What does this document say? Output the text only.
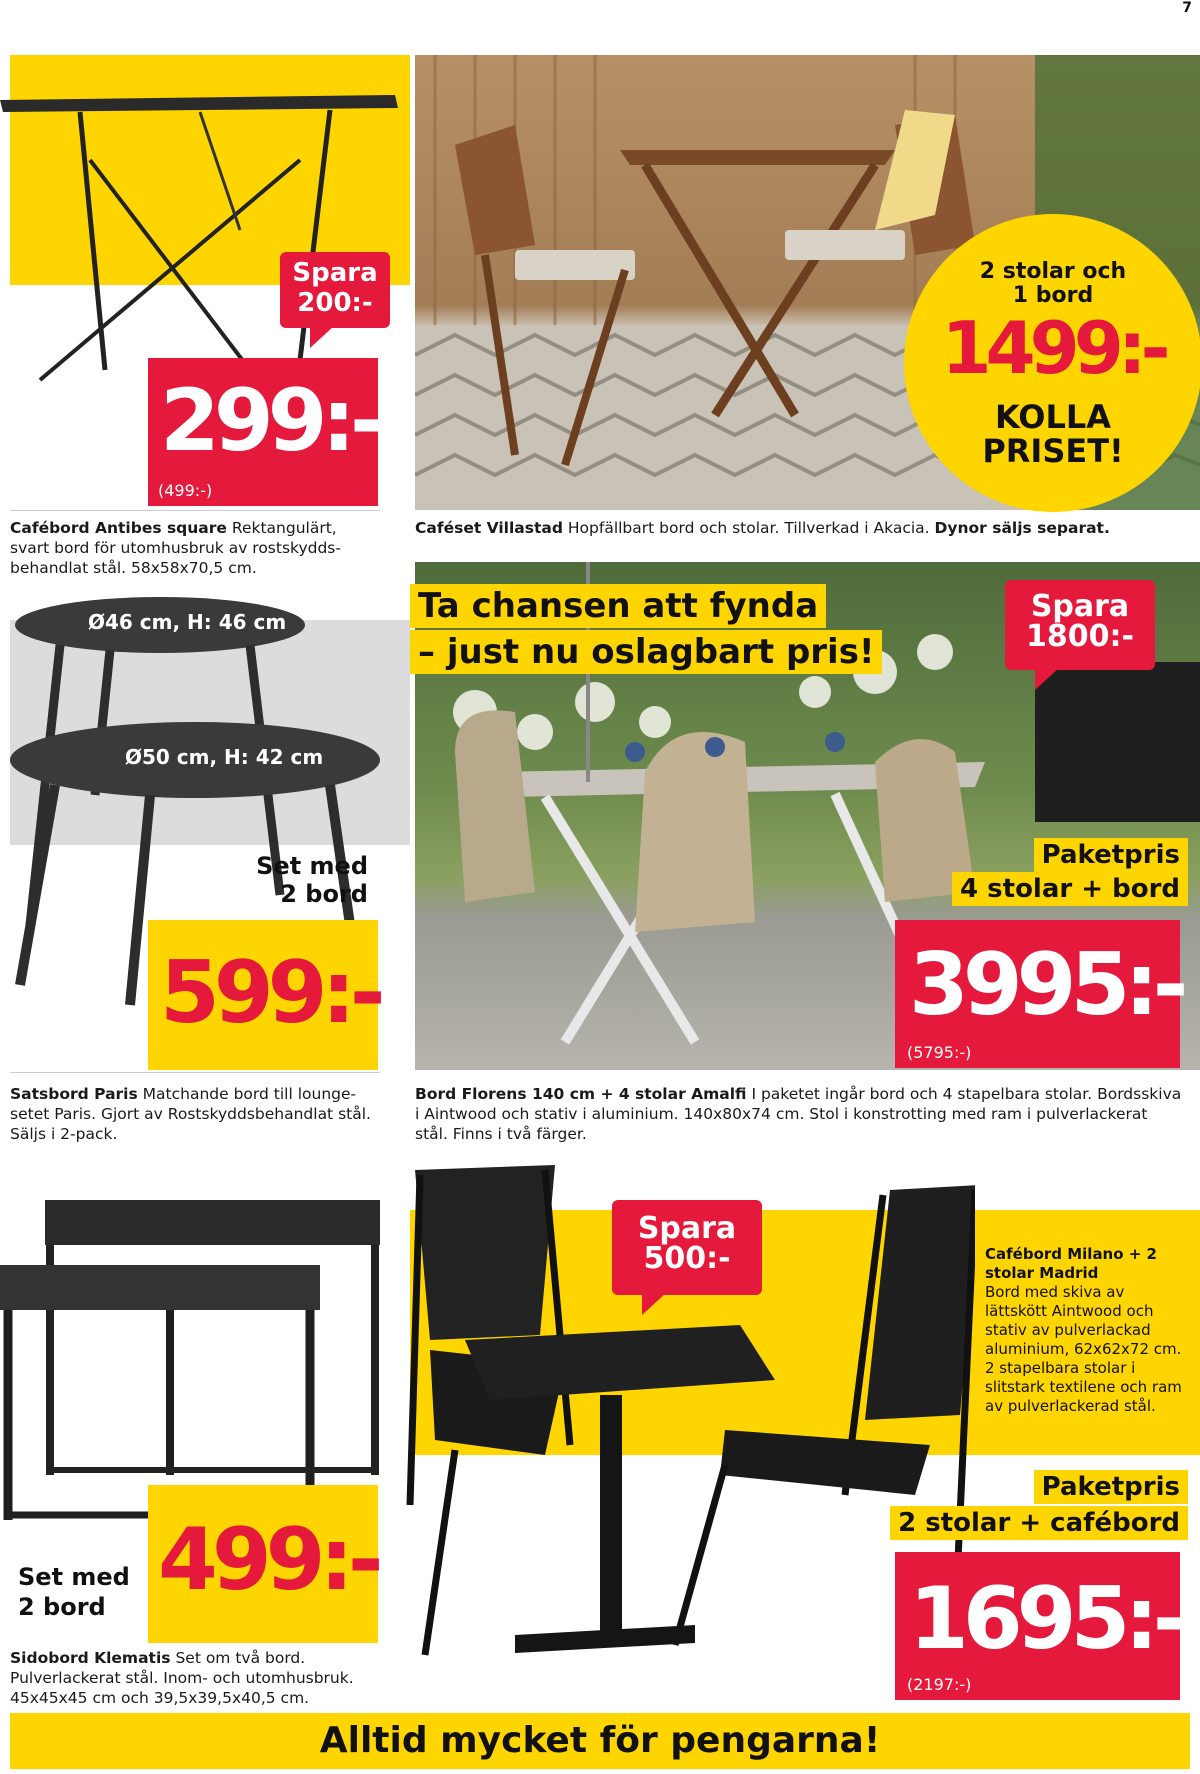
7
Spara
200:-
299:-
(499:-)
Cafébord Antibes square Rektangulärt, svart bord för utomhusbruk av rostskydds-behandlat stål. 58x58x70,5 cm.
2 stolar och
1 bord
1499:-
KOLLA
PRISET!
Caféset Villastad Hopfällbart bord och stolar. Tillverkad i Akacia. Dynor säljs separat.
Ø46 cm, H: 46 cm
Ø50 cm, H: 42 cm
Set med
2 bord
599:-
Satsbord Paris Matchande bord till lounge-setet Paris. Gjort av Rostskyddsbehandlat stål. Säljs i 2-pack.
Ta chansen att fynda
– just nu oslagbart pris!
Spara
1800:-
Paketpris
4 stolar + bord
3995:-
(5795:-)
Bord Florens 140 cm + 4 stolar Amalfi I paketet ingår bord och 4 stapelbara stolar. Bordsskiva i Aintwood och stativ i aluminium. 140x80x74 cm. Stol i konstrotting med ram i pulverlackerat stål. Finns i två färger.
499:-
Set med
2 bord
Sidobord Klematis Set om två bord. Pulverlackerat stål. Inom- och utomhusbruk. 45x45x45 cm och 39,5x39,5x40,5 cm.
Spara
500:-	Cafébord Milano + 2 stolar Madrid
Bord med skiva av lättskött Aintwood och stativ av pulverlackad aluminium, 62x62x72 cm. 2 stapelbara stolar i slitstark textilene och ram av pulverlackerad stål.
Paketpris
2 stolar + cafébord
1695:-
(2197:-)
Alltid mycket för pengarna!
